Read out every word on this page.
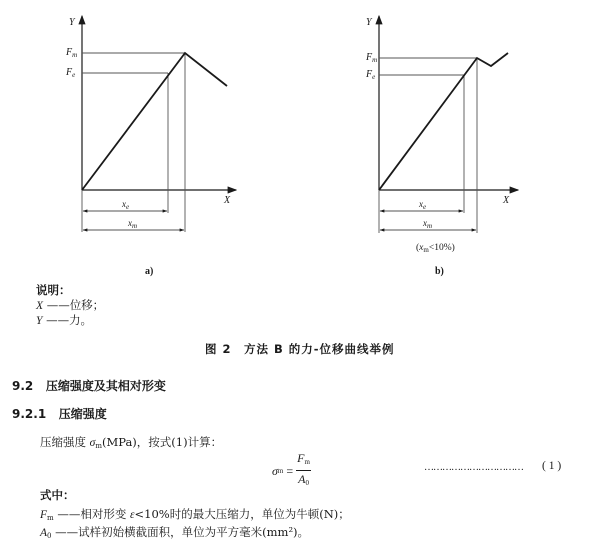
Y
$F_m$
$F_e$
X
$x_e$
$x_m$
a)
Y
$F_m$
$F_e$
X
$x_e$
$x_m$
$(x_m<10\%)$
b)
说明：
X ——位移；
Y ——力。
图 2　方法 B 的力-位移曲线举例
9.2 压缩强度及其相对形变
9.2.1 压缩强度
压缩强度 $\sigma_m(MPa)$，按式(1)计算：
σ $m = \frac{F_m}{A_0}$	…………………………… ( 1 )
式中：
$F_m$ ——相对形变 ε<10%时的最大压缩力，单位为牛顿(N)；
$A_0$ ——试样初始横截面积，单位为平方毫米(mm²)。
